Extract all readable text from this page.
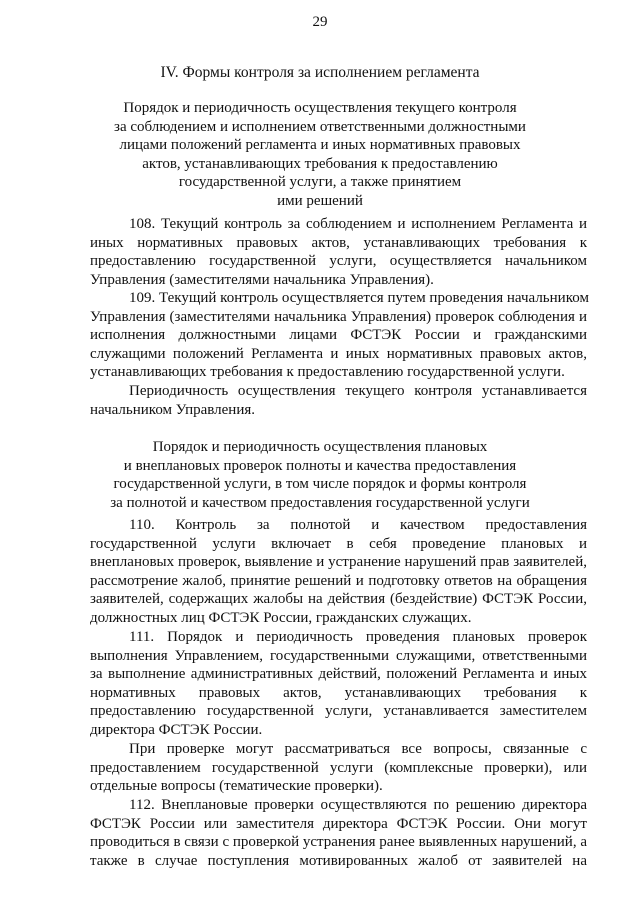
29
IV. Формы контроля за исполнением регламента
Порядок и периодичность осуществления текущего контроля
за соблюдением и исполнением ответственными должностными
лицами положений регламента и иных нормативных правовых
актов, устанавливающих требования к предоставлению
государственной услуги, а также принятием
ими решений
108. Текущий контроль за соблюдением и исполнением Регламента и
иных нормативных правовых актов, устанавливающих требования к
предоставлению государственной услуги, осуществляется начальником
Управления (заместителями начальника Управления).
109. Текущий контроль осуществляется путем проведения начальником
Управления (заместителями начальника Управления) проверок соблюдения и
исполнения должностными лицами ФСТЭК России и гражданскими
служащими положений Регламента и иных нормативных правовых актов,
устанавливающих требования к предоставлению государственной услуги.
Периодичность осуществления текущего контроля устанавливается
начальником Управления.
Порядок и периодичность осуществления плановых
и внеплановых проверок полноты и качества предоставления
государственной услуги, в том числе порядок и формы контроля
за полнотой и качеством предоставления государственной услуги
110. Контроль за полнотой и качеством предоставления
государственной услуги включает в себя проведение плановых и
внеплановых проверок, выявление и устранение нарушений прав заявителей,
рассмотрение жалоб, принятие решений и подготовку ответов на обращения
заявителей, содержащих жалобы на действия (бездействие) ФСТЭК России,
должностных лиц ФСТЭК России, гражданских служащих.
111. Порядок и периодичность проведения плановых проверок
выполнения Управлением, государственными служащими, ответственными
за выполнение административных действий, положений Регламента и иных
нормативных правовых актов, устанавливающих требования к
предоставлению государственной услуги, устанавливается заместителем
директора ФСТЭК России.
При проверке могут рассматриваться все вопросы, связанные с
предоставлением государственной услуги (комплексные проверки), или
отдельные вопросы (тематические проверки).
112. Внеплановые проверки осуществляются по решению директора
ФСТЭК России или заместителя директора ФСТЭК России. Они могут
проводиться в связи с проверкой устранения ранее выявленных нарушений, а
также в случае поступления мотивированных жалоб от заявителей на
